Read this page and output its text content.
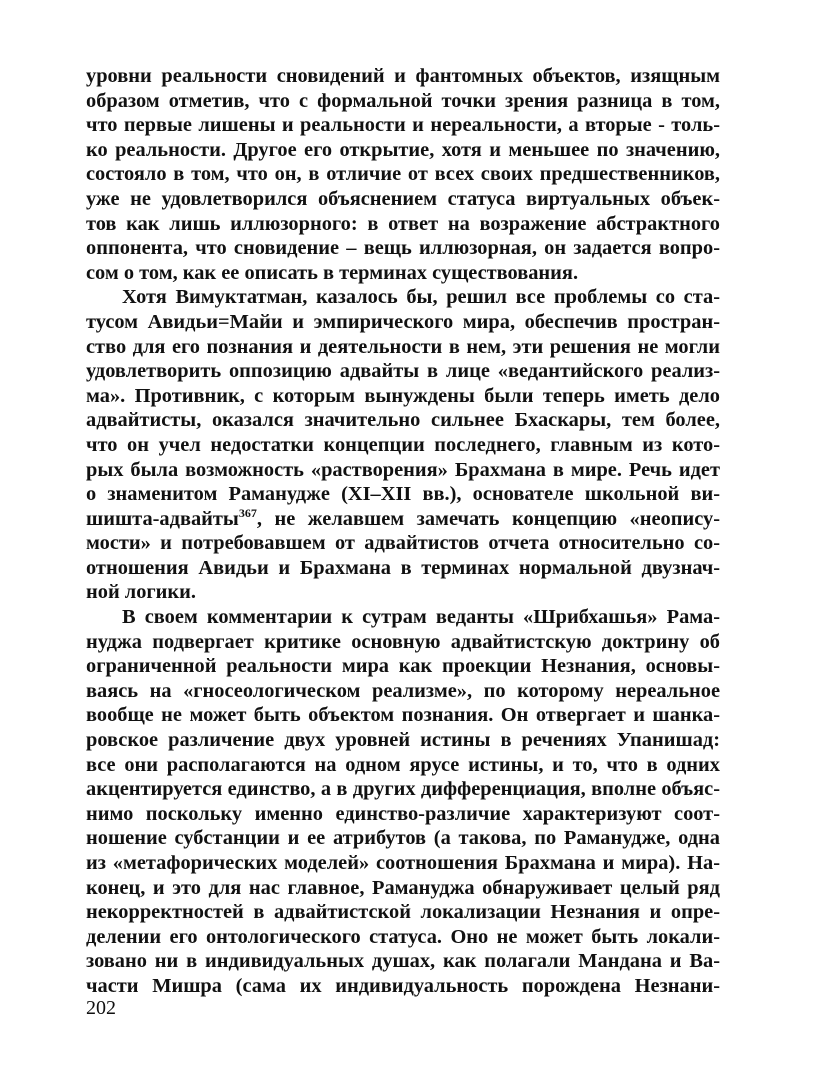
уровни реальности сновидений и фантомных объектов, изящным
образом отметив, что с формальной точки зрения разница в том,
что первые лишены и реальности и нереальности, а вторые - толь-
ко реальности. Другое его открытие, хотя и меньшее по значению,
состояло в том, что он, в отличие от всех своих предшественников,
уже не удовлетворился объяснением статуса виртуальных объек-
тов как лишь иллюзорного: в ответ на возражение абстрактного
оппонента, что сновидение – вещь иллюзорная, он задается вопро-
сом о том, как ее описать в терминах существования.
Хотя Вимуктатман, казалось бы, решил все проблемы со ста-
тусом Авидьи=Майи и эмпирического мира, обеспечив простран-
ство для его познания и деятельности в нем, эти решения не могли
удовлетворить оппозицию адвайты в лице «ведантийского реализ-
ма». Противник, с которым вынуждены были теперь иметь дело
адвайтисты, оказался значительно сильнее Бхаскары, тем более,
что он учел недостатки концепции последнего, главным из кото-
рых была возможность «растворения» Брахмана в мире. Речь идет
о знаменитом Рамануджe (XI–XII вв.), основателе школьной ви-
шишта-адвайты$^{367}$, не желавшем замечать концепцию «неопису-
мости» и потребовавшем от адвайтистов отчета относительно со-
отношения Авидьи и Брахмана в терминах нормальной двузнач-
ной логики.
В своем комментарии к сутрам веданты «Шрибхашья» Рама-
нуджа подвергает критике основную адвайтистскую доктрину об
ограниченной реальности мира как проекции Незнания, основы-
ваясь на «гносеологическом реализме», по которому нереальное
вообще не может быть объектом познания. Он отвергает и шанка-
ровское различение двух уровней истины в речениях Упанишад:
все они располагаются на одном ярусе истины, и то, что в одних
акцентируется единство, а в других дифференциация, вполне объяс-
нимо поскольку именно единство-различие характеризуют соот-
ношение субстанции и ее атрибутов (а такова, по Рамануджe, одна
из «метафорических моделей» соотношения Брахмана и мира). На-
конец, и это для нас главное, Рамануджа обнаруживает целый ряд
некорректностей в адвайтистской локализации Незнания и опре-
делении его онтологического статуса. Оно не может быть локали-
зовано ни в индивидуальных душах, как полагали Мандана и Ва-
части Мишра (сама их индивидуальность порождена Незнани-
202
